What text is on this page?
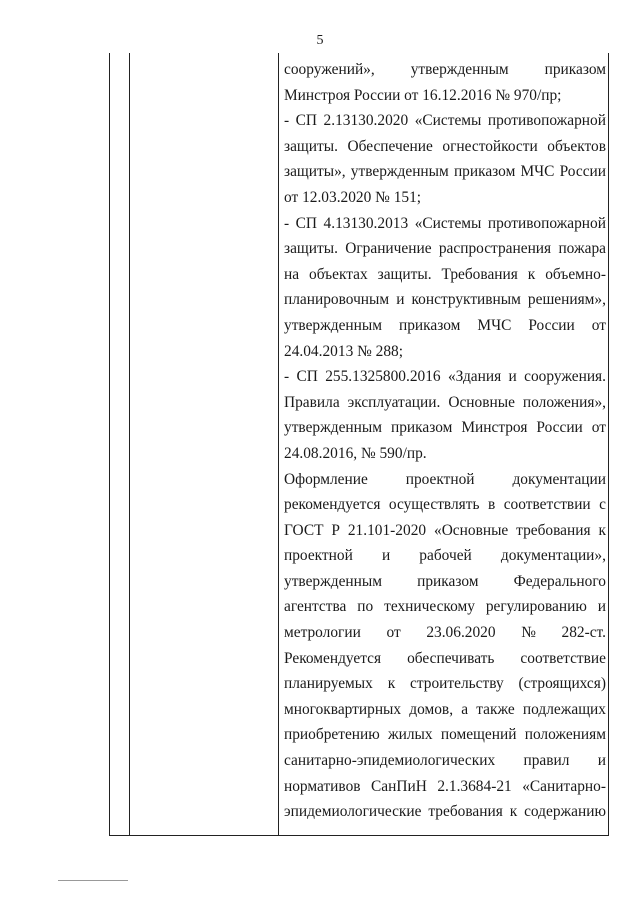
5
сооружений», утвержденным приказом
Минстроя России от 16.12.2016 № 970/пр;
- СП 2.13130.2020 «Системы противопожарной
защиты. Обеспечение огнестойкости объектов
защиты», утвержденным приказом МЧС России
от 12.03.2020 № 151;
- СП 4.13130.2013 «Системы противопожарной
защиты. Ограничение распространения пожара
на объектах защиты. Требования к объемно-
планировочным и конструктивным решениям»,
утвержденным приказом МЧС России от
24.04.2013 № 288;
- СП 255.1325800.2016 «Здания и сооружения.
Правила эксплуатации. Основные положения»,
утвержденным приказом Минстроя России от
24.08.2016, № 590/пр.
Оформление проектной документации
рекомендуется осуществлять в соответствии с
ГОСТ Р 21.101-2020 «Основные требования к
проектной и рабочей документации»,
утвержденным приказом Федерального
агентства по техническому регулированию и
метрологии от 23.06.2020 № 282-ст.
Рекомендуется обеспечивать соответствие
планируемых к строительству (строящихся)
многоквартирных домов, а также подлежащих
приобретению жилых помещений положениям
санитарно-эпидемиологических правил и
нормативов СанПиН 2.1.3684-21 «Санитарно-
эпидемиологические требования к содержанию
